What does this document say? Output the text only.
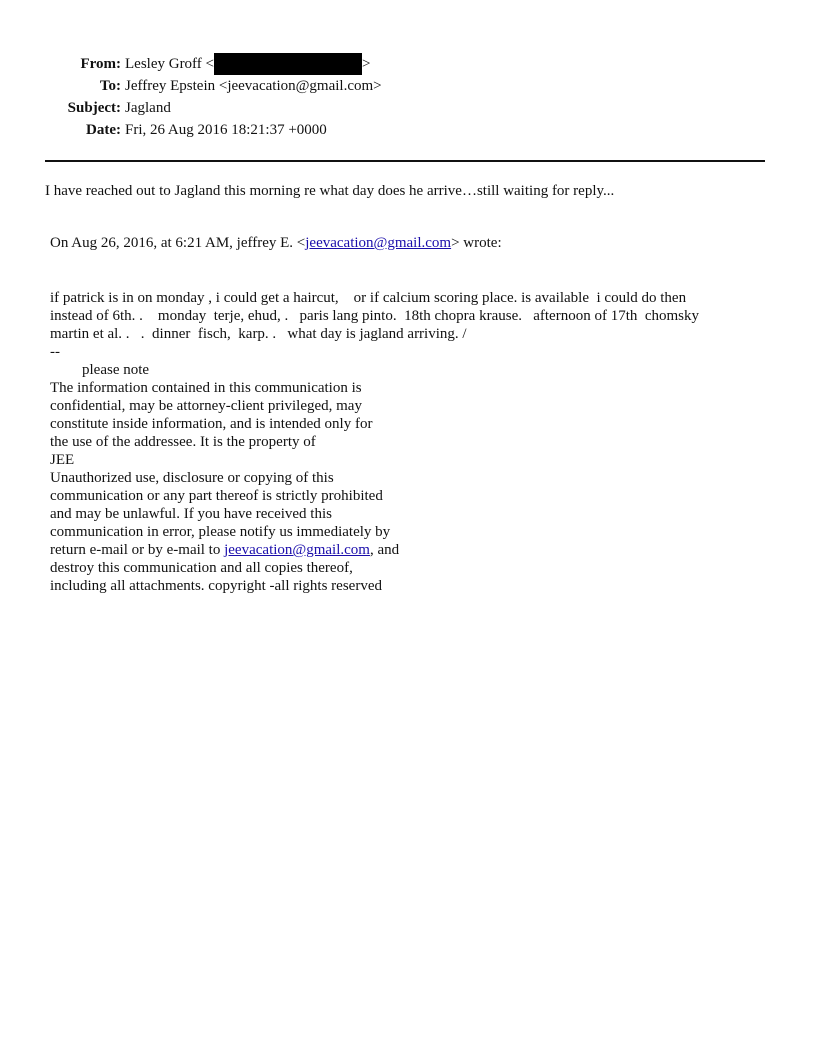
From: Lesley Groff <	>
To: Jeffrey Epstein <jeevacation@gmail.com>
Subject: Jagland
Date: Fri, 26 Aug 2016 18:21:37 +0000
I have reached out to Jagland this morning re what day does he arrive…still waiting for reply...
On Aug 26, 2016, at 6:21 AM, jeffrey E. <jeevacation@gmail.com> wrote:
if patrick is in on monday , i could get a haircut,    or if calcium scoring place. is available  i could do then
instead of 6th. .    monday  terje, ehud, .   paris lang pinto.  18th chopra krause.   afternoon of 17th  chomsky
martin et al. .   .  dinner  fisch,  karp. .   what day is jagland arriving. /
--
please note
The information contained in this communication is
confidential, may be attorney-client privileged, may
constitute inside information, and is intended only for
the use of the addressee. It is the property of
JEE
Unauthorized use, disclosure or copying of this
communication or any part thereof is strictly prohibited
and may be unlawful. If you have received this
communication in error, please notify us immediately by
return e-mail or by e-mail to jeevacation@gmail.com, and
destroy this communication and all copies thereof,
including all attachments. copyright -all rights reserved
